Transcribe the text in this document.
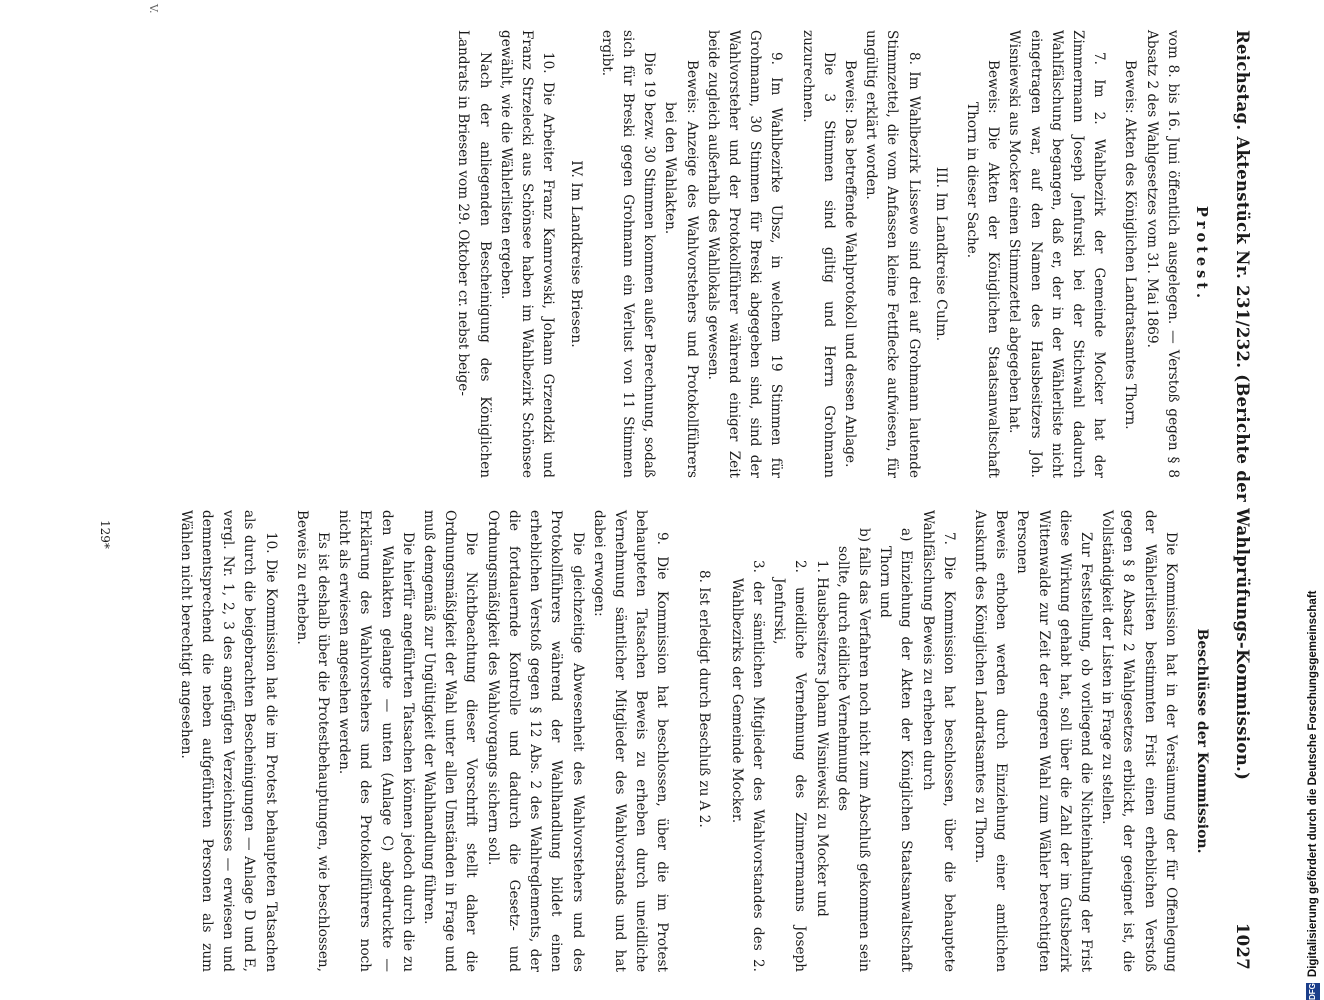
Reichstag. Aktenstück Nr. 231/232. (Berichte der Wahlprüfungs-Kommission.)
1027
Protest.

vom 8. bis 16. Juni öffentlich ausgelegen. — Verstoß gegen § 8 Absatz 2 des Wahlgesetzes vom 31. Mai 1869.

Beweis: Akten des Königlichen Landratsamtes Thorn.

7. Im 2. Wahlbezirk der Gemeinde Mocker hat der Zimmermann Joseph Jenfurski bei der Stichwahl dadurch Wahlfälschung begangen, daß er, der in der Wählerliste nicht eingetragen war, auf den Namen des Hausbesitzers Joh. Wisniewski aus Mocker einen Stimmzettel abgegeben hat.

Beweis: Die Akten der Königlichen Staatsanwaltschaft Thorn in dieser Sache.

III. Im Landkreise Culm.

8. Im Wahlbezirk Lissewo sind drei auf Grohmann lautende Stimmzettel, die vom Anfassen kleine Fettflecke aufwiesen, für ungültig erklärt worden.

Beweis: Das betreffende Wahlprotokoll und dessen Anlage.

Die 3 Stimmen sind giltig und Herrn Grohmann zuzurechnen.

9. Im Wahlbezirke Ubsz, in welchem 19 Stimmen für Grohmann, 30 Stimmen für Breski abgegeben sind, sind der Wahlvorsteher und der Protokollführer während einiger Zeit beide zugleich außerhalb des Wahllokals gewesen.

Beweis: Anzeige des Wahlvorstehers und Protokollführers bei den Wahlakten.

Die 19 bezw. 30 Stimmen kommen außer Berechnung, sodaß sich für Breski gegen Grohmann ein Verlust von 11 Stimmen ergibt.

IV. Im Landkreise Briesen.

10. Die Arbeiter Franz Kamrowski, Johann Grzendzki und Franz Strzelecki aus Schönsee haben im Wahlbezirk Schönsee gewählt, wie die Wählerlisten ergeben.

Nach der anliegenden Bescheinigung des Königlichen Landrats in Briesen vom 29. Oktober cr. nebst beige-

Beschlüsse der Kommission.

Die Kommission hat in der Versäumung der für Offenlegung der Wählerlisten bestimmten Frist einen erheblichen Verstoß gegen § 8 Absatz 2 Wahlgesetzes erblickt, der geeignet ist, die Vollständigkeit der Listen in Frage zu stellen.

Zur Feststellung, ob vorliegend die Nichteinhaltung der Frist diese Wirkung gehabt hat, soll über die Zahl der im Gutsbezirk Wittenwalde zur Zeit der engeren Wahl zum Wähler berechtigten Personen

Beweis erhoben werden durch Einziehung einer amtlichen Auskunft des Königlichen Landratsamtes zu Thorn.

7. Die Kommission hat beschlossen, über die behauptete Wahlfälschung Beweis zu erheben durch

a) Einziehung der Akten der Königlichen Staatsanwaltschaft Thorn und

b) falls das Verfahren noch nicht zum Abschluß gekommen sein sollte, durch eidliche Vernehmung des

1. Hausbesitzers Johann Wisniewski zu Mocker und

2. uneidliche Vernehmung des Zimmermanns Joseph Jenfurski,

3. der sämtlichen Mitglieder des Wahlvorstandes des 2. Wahlbezirks der Gemeinde Mocker.

8. Ist erledigt durch Beschluß zu A 2.

9. Die Kommission hat beschlossen, über die im Protest behaupteten Tatsachen Beweis zu erheben durch uneidliche Vernehmung sämtlicher Mitglieder des Wahlvorstands und hat dabei erwogen:

Die gleichzeitige Abwesenheit des Wahlvorstehers und des Protokollführers während der Wahlhandlung bildet einen erheblichen Verstoß gegen § 12 Abs. 2 des Wahlreglements, der die fortdauernde Kontrolle und dadurch die Gesetz- und Ordnungsmäßigkeit des Wahlvorgangs sichern soll.

Die Nichtbeachtung dieser Vorschrift stellt daher die Ordnungsmäßigkeit der Wahl unter allen Umständen in Frage und muß demgemäß zur Ungültigkeit der Wahlhandlung führen.

Die hierfür angeführten Tatsachen können jedoch durch die zu den Wahlakten gelangte — unten (Anlage C) abgedruckte — Erklärung des Wahlvorstehers und des Protokollführers noch nicht als erwiesen angesehen werden.

Es ist deshalb über die Protestbehauptungen, wie beschlossen, Beweis zu erheben.

10. Die Kommission hat die im Protest behaupteten Tatsachen als durch die beigebrachten Bescheinigungen — Anlage D und E, vergl. Nr. 1, 2, 3 des angefügten Verzeichnisses — erwiesen und demnentsprechend die neben aufgeführten Personen als zum Wählen nicht berechtigt angesehen.

V.
129*
DFG
Digitalisierung gefördert durch die Deutsche Forschungsgemeinschaft
